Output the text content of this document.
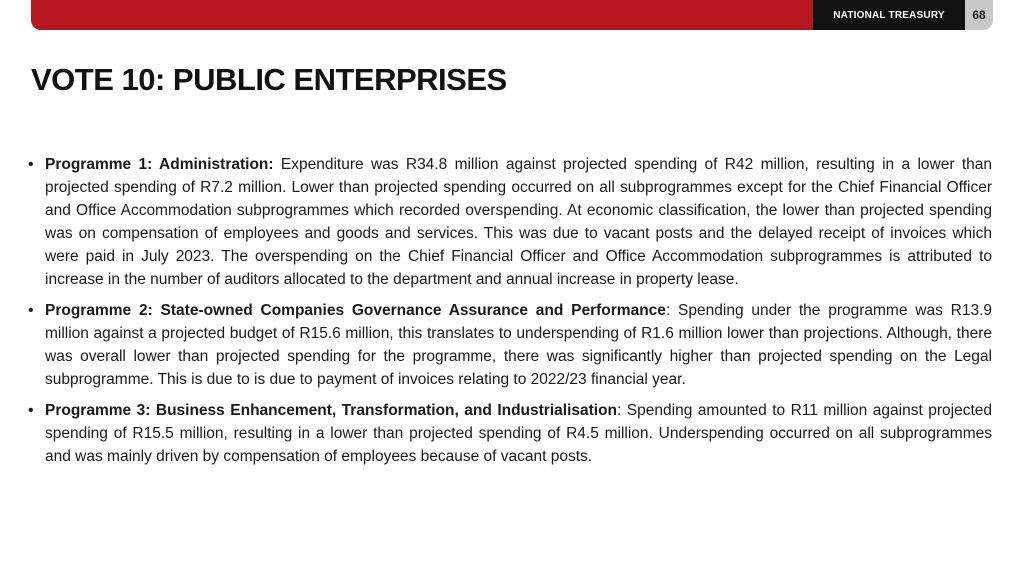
NATIONAL TREASURY 68
VOTE 10: PUBLIC ENTERPRISES
• Programme 1: Administration: Expenditure was R34.8 million against projected spending of R42 million, resulting in a lower than projected spending of R7.2 million. Lower than projected spending occurred on all subprogrammes except for the Chief Financial Officer and Office Accommodation subprogrammes which recorded overspending. At economic classification, the lower than projected spending was on compensation of employees and goods and services. This was due to vacant posts and the delayed receipt of invoices which were paid in July 2023. The overspending on the Chief Financial Officer and Office Accommodation subprogrammes is attributed to increase in the number of auditors allocated to the department and annual increase in property lease.
• Programme 2: State-owned Companies Governance Assurance and Performance: Spending under the programme was R13.9 million against a projected budget of R15.6 million, this translates to underspending of R1.6 million lower than projections. Although, there was overall lower than projected spending for the programme, there was significantly higher than projected spending on the Legal subprogramme. This is due to is due to payment of invoices relating to 2022/23 financial year.
• Programme 3: Business Enhancement, Transformation, and Industrialisation: Spending amounted to R11 million against projected spending of R15.5 million, resulting in a lower than projected spending of R4.5 million. Underspending occurred on all subprogrammes and was mainly driven by compensation of employees because of vacant posts.
